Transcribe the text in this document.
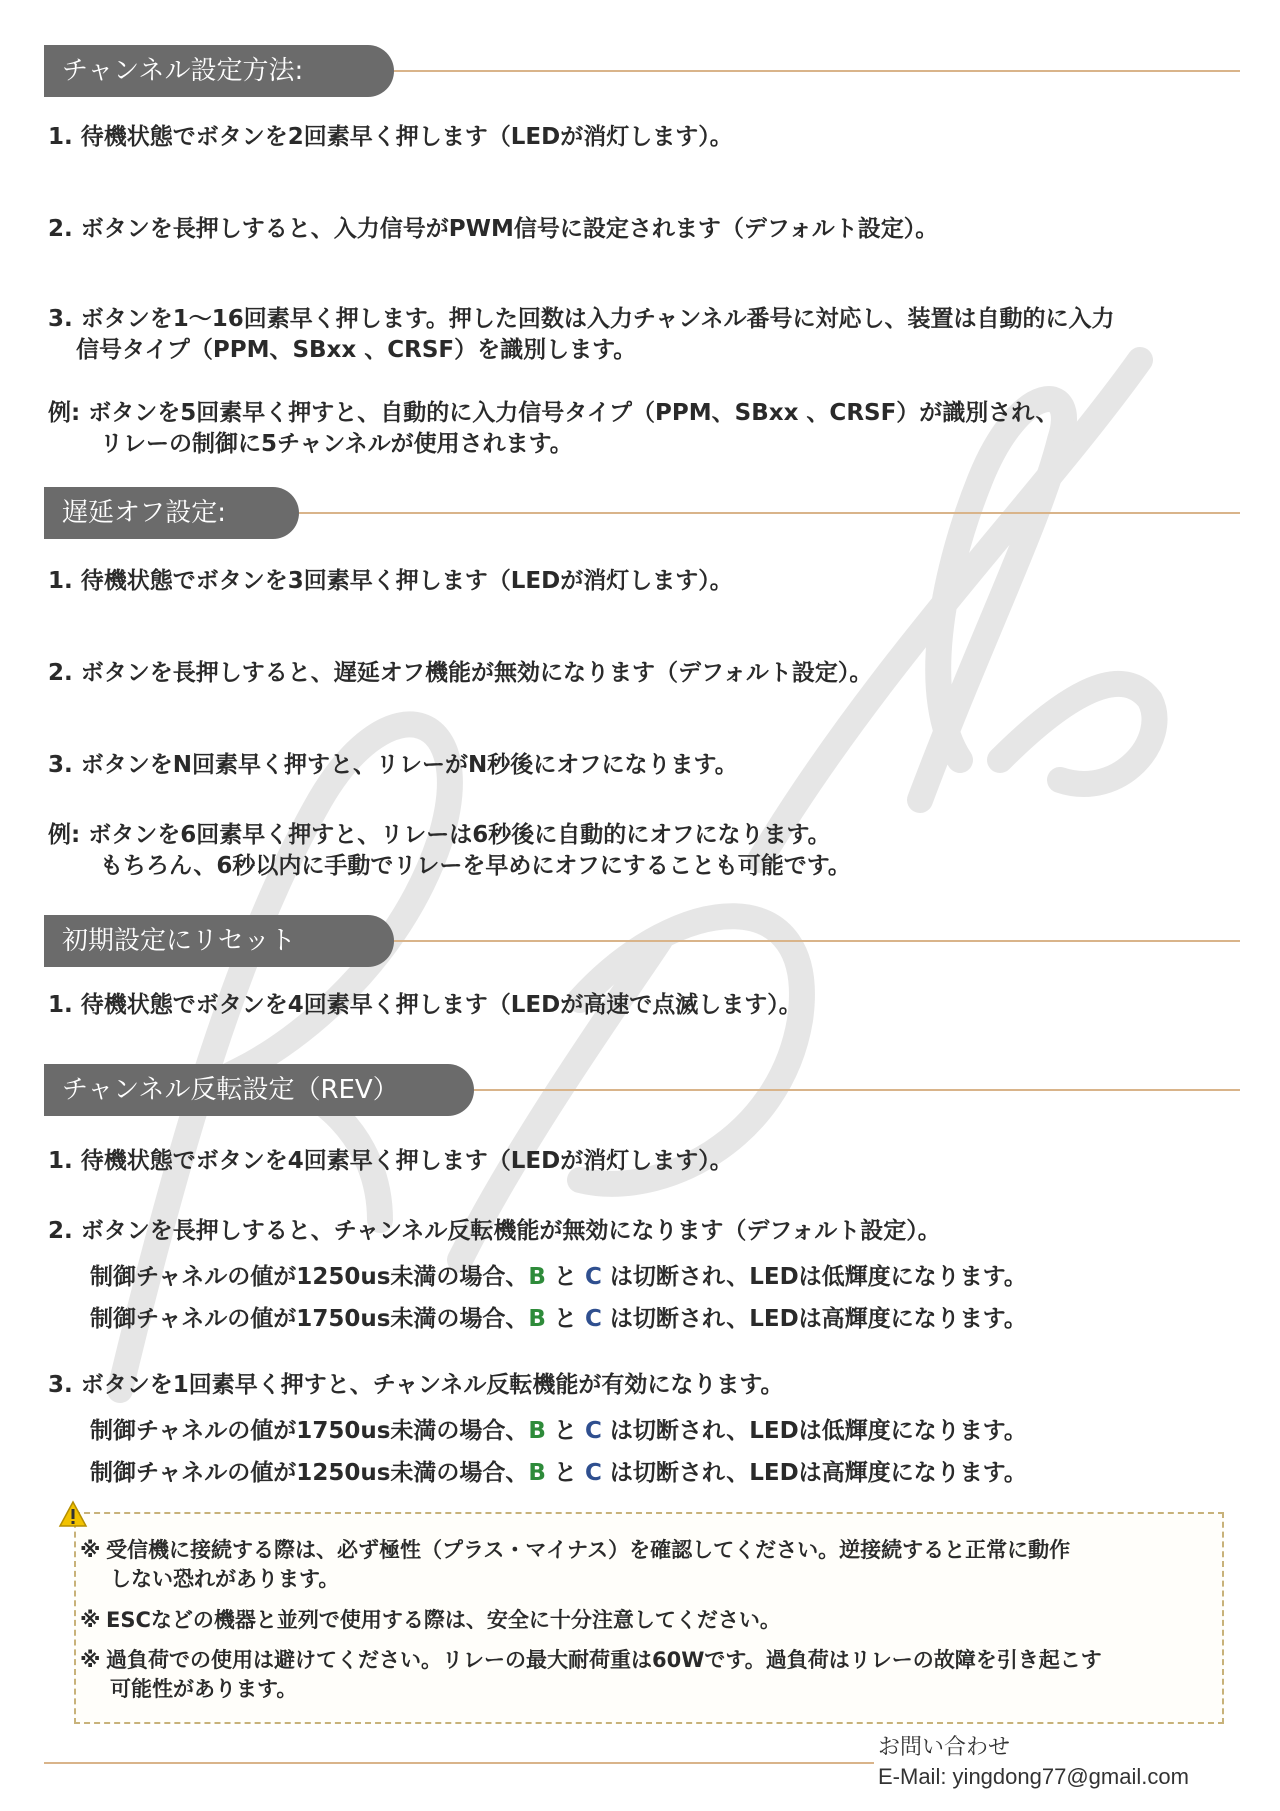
チャンネル設定方法:
1. 待機状態でボタンを2回素早く押します（LEDが消灯します）。
2. ボタンを長押しすると、入力信号がPWM信号に設定されます（デフォルト設定）。
3. ボタンを1～16回素早く押します。押した回数は入力チャンネル番号に対応し、装置は自動的に入力
信号タイプ（PPM、SBxx 、CRSF）を識別します。
例: ボタンを5回素早く押すと、自動的に入力信号タイプ（PPM、SBxx 、CRSF）が識別され、
リレーの制御に5チャンネルが使用されます。
遅延オフ設定:
1. 待機状態でボタンを3回素早く押します（LEDが消灯します）。
2. ボタンを長押しすると、遅延オフ機能が無効になります（デフォルト設定）。
3. ボタンをN回素早く押すと、リレーがN秒後にオフになります。
例: ボタンを6回素早く押すと、リレーは6秒後に自動的にオフになります。
もちろん、6秒以内に手動でリレーを早めにオフにすることも可能です。
初期設定にリセット
1. 待機状態でボタンを4回素早く押します（LEDが高速で点滅します）。
チャンネル反転設定（REV）
1. 待機状態でボタンを4回素早く押します（LEDが消灯します）。
2. ボタンを長押しすると、チャンネル反転機能が無効になります（デフォルト設定）。
制御チャネルの値が1250us未満の場合、B と C は切断され、LEDは低輝度になります。
制御チャネルの値が1750us未満の場合、B と C は切断され、LEDは高輝度になります。
3. ボタンを1回素早く押すと、チャンネル反転機能が有効になります。
制御チャネルの値が1750us未満の場合、B と C は切断され、LEDは低輝度になります。
制御チャネルの値が1250us未満の場合、B と C は切断され、LEDは高輝度になります。
※ 受信機に接続する際は、必ず極性（プラス・マイナス）を確認してください。逆接続すると正常に動作
しない恐れがあります。
※ ESCなどの機器と並列で使用する際は、安全に十分注意してください。
※ 過負荷での使用は避けてください。リレーの最大耐荷重は60Wです。過負荷はリレーの故障を引き起こす
可能性があります。
お問い合わせ
E-Mail: yingdong77@gmail.com
